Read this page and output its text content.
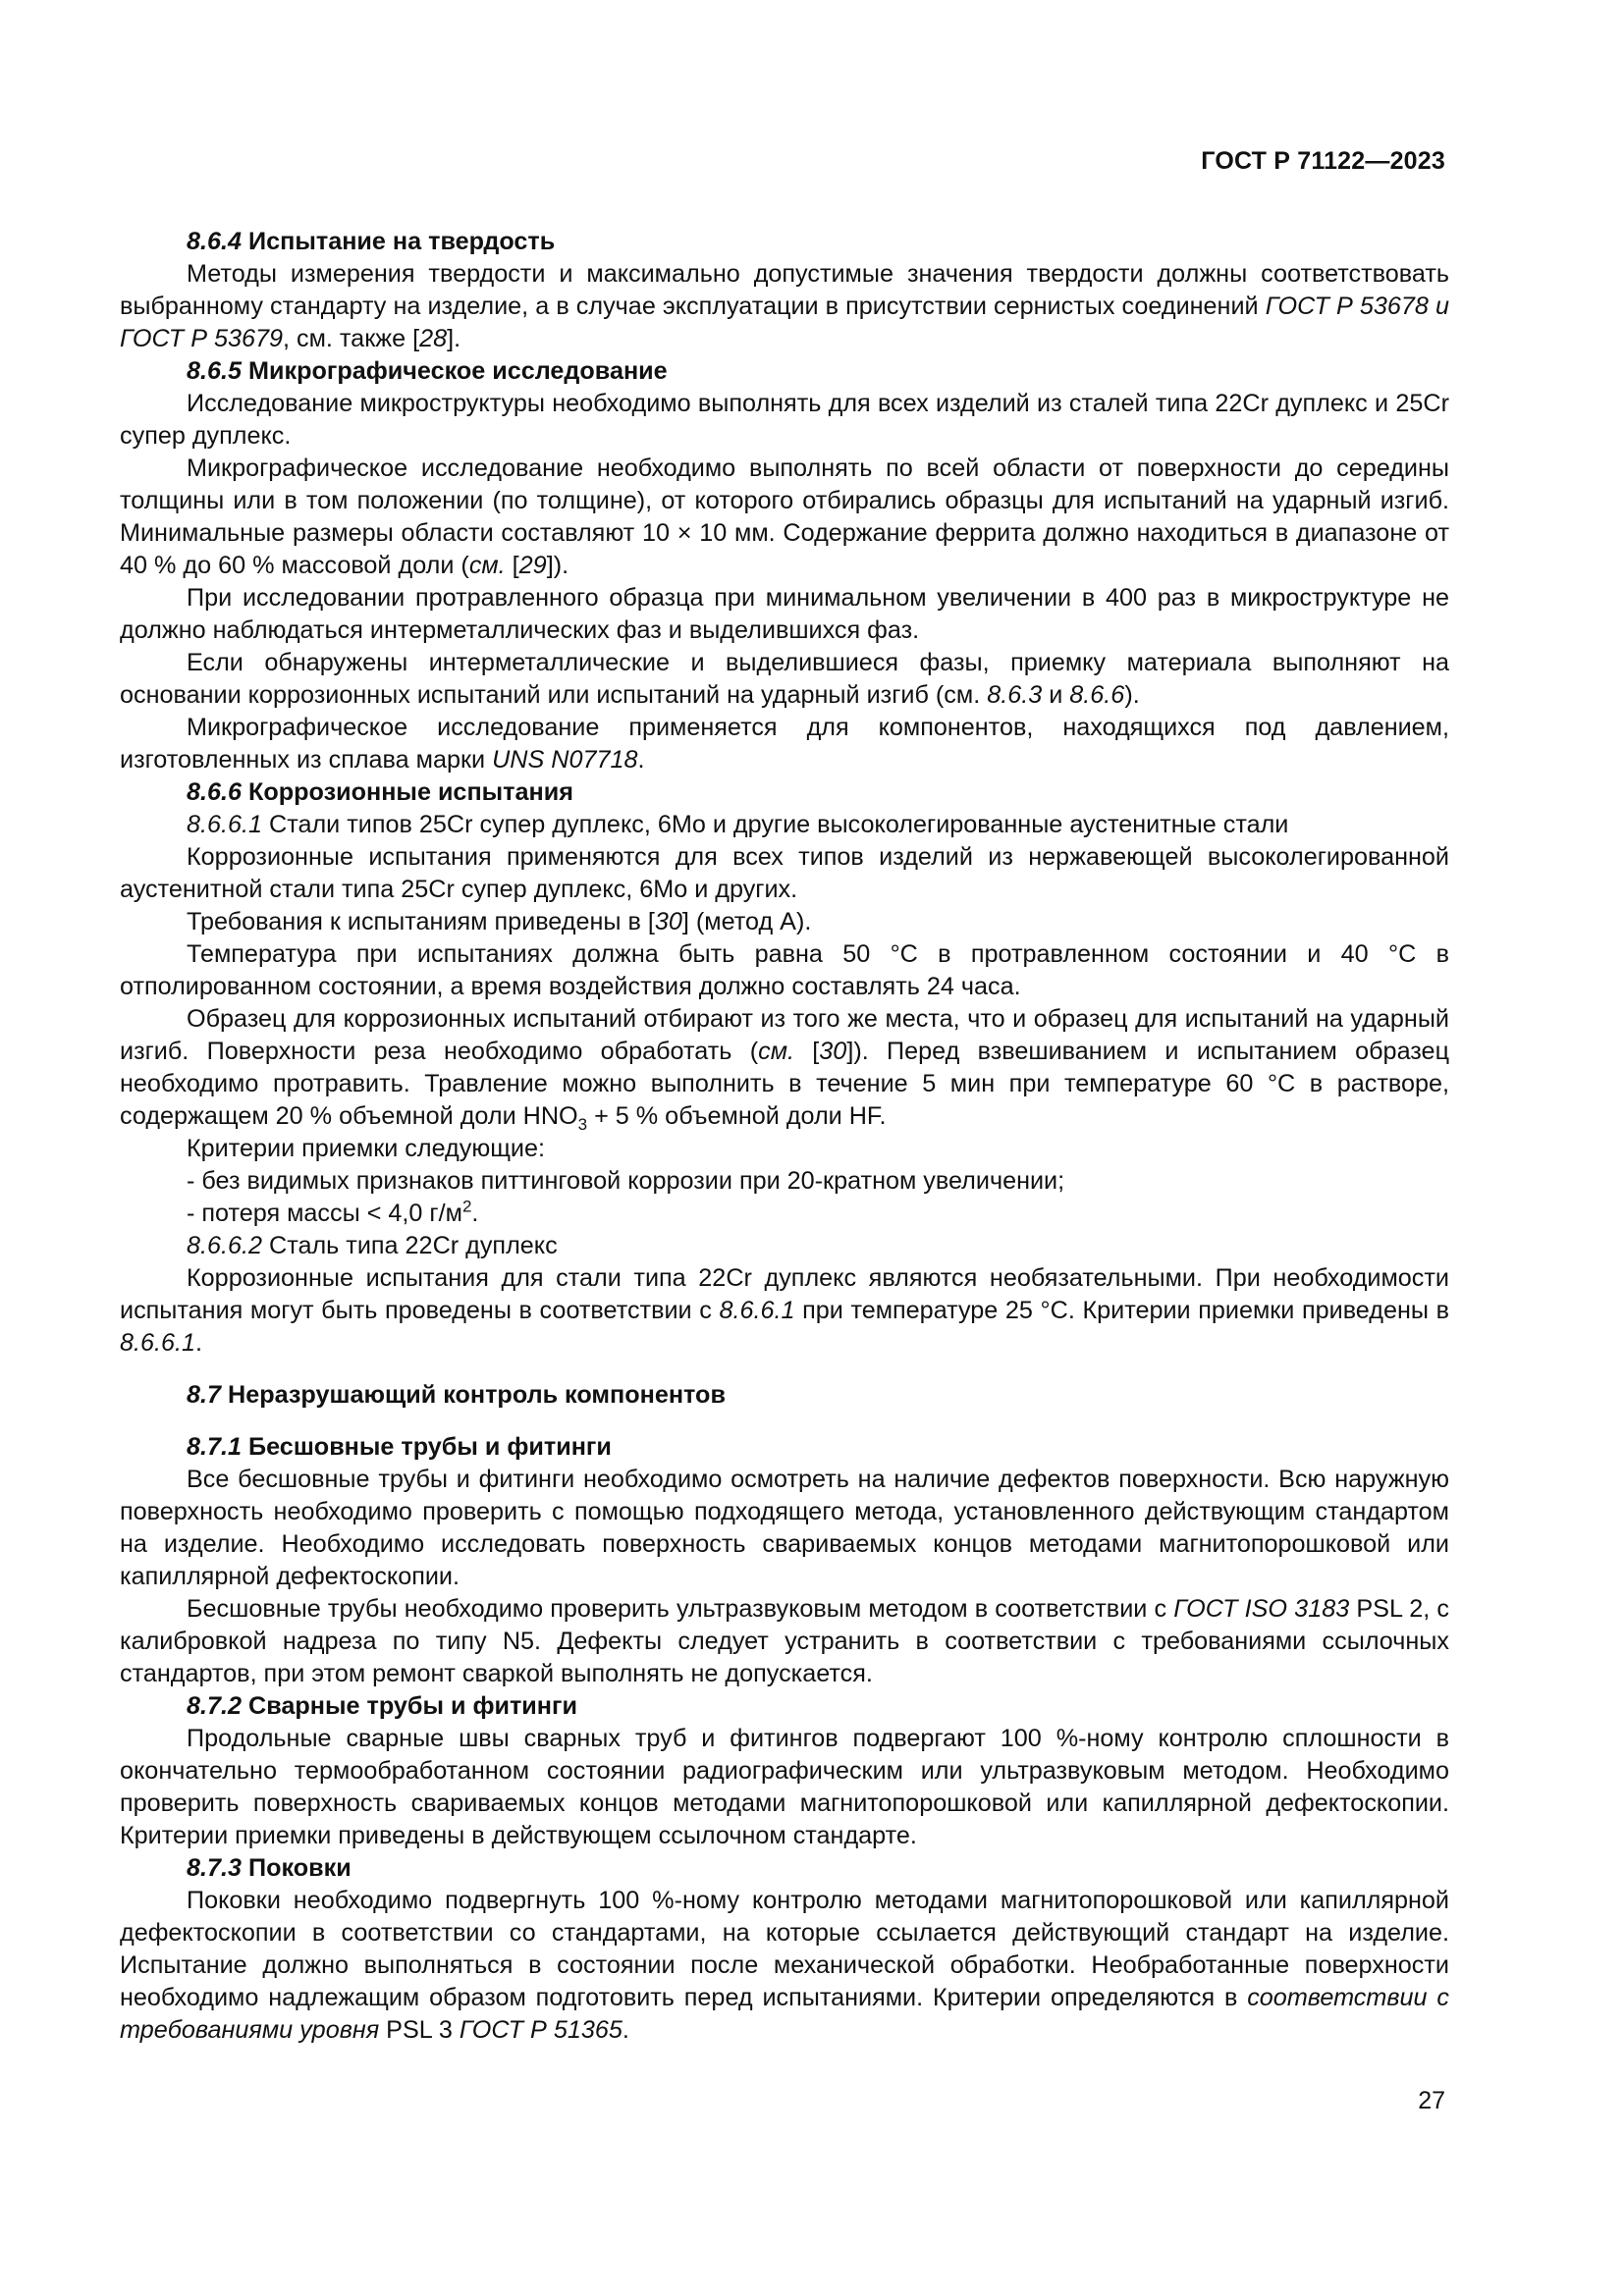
ГОСТ Р 71122—2023

8.6.4 Испытание на твердость

Методы измерения твердости и максимально допустимые значения твердости должны соответствовать выбранному стандарту на изделие, а в случае эксплуатации в присутствии сернистых соединений ГОСТ Р 53678 и ГОСТ Р 53679, см. также [28].

8.6.5 Микрографическое исследование

Исследование микроструктуры необходимо выполнять для всех изделий из сталей типа 22Cr дуплекс и 25Cr супер дуплекс.

Микрографическое исследование необходимо выполнять по всей области от поверхности до середины толщины или в том положении (по толщине), от которого отбирались образцы для испытаний на ударный изгиб. Минимальные размеры области составляют 10 × 10 мм. Содержание феррита должно находиться в диапазоне от 40 % до 60 % массовой доли (см. [29]).

При исследовании протравленного образца при минимальном увеличении в 400 раз в микроструктуре не должно наблюдаться интерметаллических фаз и выделившихся фаз.

Если обнаружены интерметаллические и выделившиеся фазы, приемку материала выполняют на основании коррозионных испытаний или испытаний на ударный изгиб (см. 8.6.3 и 8.6.6).

Микрографическое исследование применяется для компонентов, находящихся под давлением, изготовленных из сплава марки UNS N07718.

8.6.6 Коррозионные испытания

8.6.6.1 Стали типов 25Cr супер дуплекс, 6Mo и другие высоколегированные аустенитные стали

Коррозионные испытания применяются для всех типов изделий из нержавеющей высоколегированной аустенитной стали типа 25Cr супер дуплекс, 6Mo и других.

Требования к испытаниям приведены в [30] (метод А).

Температура при испытаниях должна быть равна 50 °C в протравленном состоянии и 40 °C в отполированном состоянии, а время воздействия должно составлять 24 часа.

Образец для коррозионных испытаний отбирают из того же места, что и образец для испытаний на ударный изгиб. Поверхности реза необходимо обработать (см. [30]). Перед взвешиванием и испытанием образец необходимо протравить. Травление можно выполнить в течение 5 мин при температуре 60 °C в растворе, содержащем 20 % объемной доли $HNO_3 + 5$ % объемной доли HF.

Критерии приемки следующие:

- без видимых признаков питтинговой коррозии при 20-кратном увеличении;

- потеря массы < 4,0 $г/м^2$.

8.6.6.2 Сталь типа 22Cr дуплекс

Коррозионные испытания для стали типа 22Cr дуплекс являются необязательными. При необходимости испытания могут быть проведены в соответствии с 8.6.6.1 при температуре 25 °C. Критерии приемки приведены в 8.6.6.1.

8.7 Неразрушающий контроль компонентов

8.7.1 Бесшовные трубы и фитинги

Все бесшовные трубы и фитинги необходимо осмотреть на наличие дефектов поверхности. Всю наружную поверхность необходимо проверить с помощью подходящего метода, установленного действующим стандартом на изделие. Необходимо исследовать поверхность свариваемых концов методами магнитопорошковой или капиллярной дефектоскопии.

Бесшовные трубы необходимо проверить ультразвуковым методом в соответствии с ГОСТ ISO 3183 PSL 2, с калибровкой надреза по типу N5. Дефекты следует устранить в соответствии с требованиями ссылочных стандартов, при этом ремонт сваркой выполнять не допускается.

8.7.2 Сварные трубы и фитинги

Продольные сварные швы сварных труб и фитингов подвергают 100 %-ному контролю сплошности в окончательно термообработанном состоянии радиографическим или ультразвуковым методом. Необходимо проверить поверхность свариваемых концов методами магнитопорошковой или капиллярной дефектоскопии. Критерии приемки приведены в действующем ссылочном стандарте.

8.7.3 Поковки

Поковки необходимо подвергнуть 100 %-ному контролю методами магнитопорошковой или капиллярной дефектоскопии в соответствии со стандартами, на которые ссылается действующий стандарт на изделие. Испытание должно выполняться в состоянии после механической обработки. Необработанные поверхности необходимо надлежащим образом подготовить перед испытаниями. Критерии определяются в соответствии с требованиями уровня PSL 3 ГОСТ Р 51365.

27
